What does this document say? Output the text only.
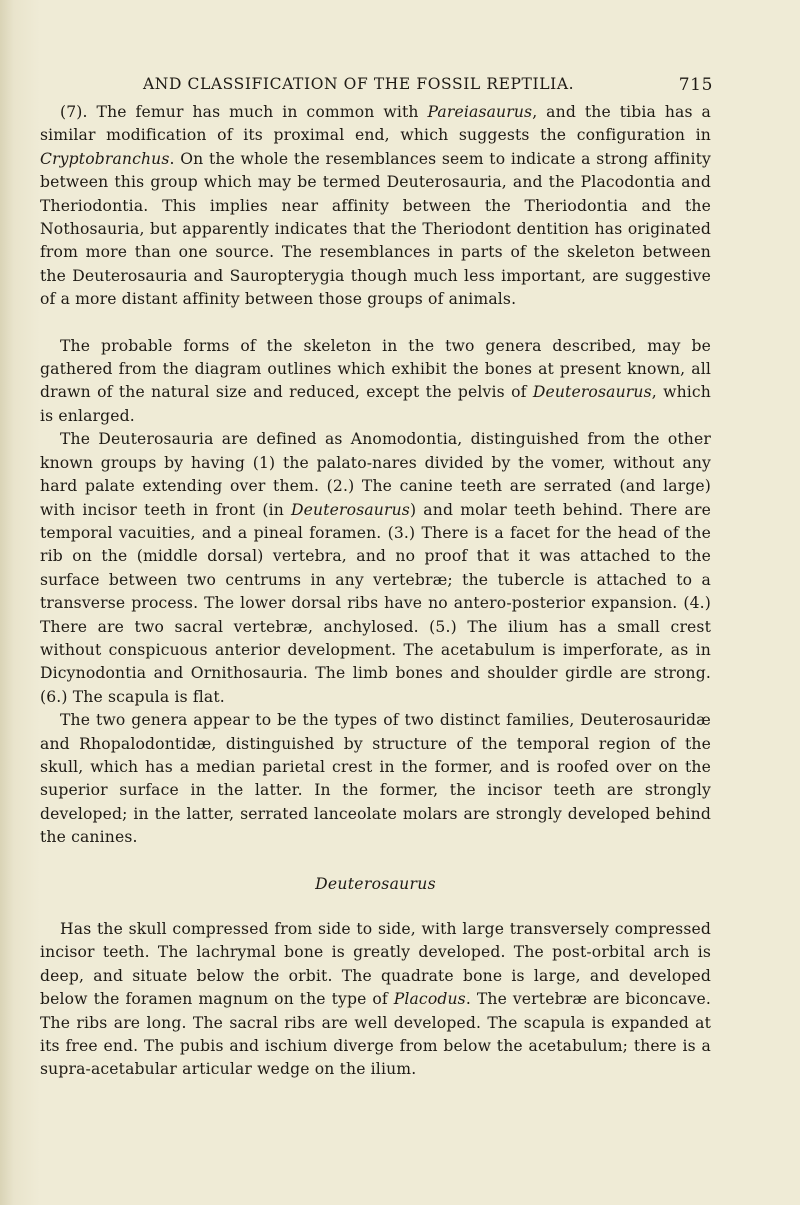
AND CLASSIFICATION OF THE FOSSIL REPTILIA.	715

(7). The femur has much in common with Pareiasaurus, and the tibia has a similar modification of its proximal end, which suggests the configuration in Cryptobranchus. On the whole the resemblances seem to indicate a strong affinity between this group which may be termed Deuterosauria, and the Placodontia and Theriodontia. This implies near affinity between the Theriodontia and the Nothosauria, but apparently indicates that the Theriodont dentition has originated from more than one source. The resemblances in parts of the skeleton between the Deuterosauria and Sauropterygia though much less important, are suggestive of a more distant affinity between those groups of animals.

The probable forms of the skeleton in the two genera described, may be gathered from the diagram outlines which exhibit the bones at present known, all drawn of the natural size and reduced, except the pelvis of Deuterosaurus, which is enlarged.

The Deuterosauria are defined as Anomodontia, distinguished from the other known groups by having (1) the palato-nares divided by the vomer, without any hard palate extending over them. (2.) The canine teeth are serrated (and large) with incisor teeth in front (in Deuterosaurus) and molar teeth behind. There are temporal vacuities, and a pineal foramen. (3.) There is a facet for the head of the rib on the (middle dorsal) vertebra, and no proof that it was attached to the surface between two centrums in any vertebræ; the tubercle is attached to a transverse process. The lower dorsal ribs have no antero-posterior expansion. (4.) There are two sacral vertebræ, anchylosed. (5.) The ilium has a small crest without conspicuous anterior development. The acetabulum is imperforate, as in Dicynodontia and Ornithosauria. The limb bones and shoulder girdle are strong. (6.) The scapula is flat.

The two genera appear to be the types of two distinct families, Deuterosauridæ and Rhopalodontidæ, distinguished by structure of the temporal region of the skull, which has a median parietal crest in the former, and is roofed over on the superior surface in the latter. In the former, the incisor teeth are strongly developed; in the latter, serrated lanceolate molars are strongly developed behind the canines.

Deuterosaurus

Has the skull compressed from side to side, with large transversely compressed incisor teeth. The lachrymal bone is greatly developed. The post-orbital arch is deep, and situate below the orbit. The quadrate bone is large, and developed below the foramen magnum on the type of Placodus. The vertebræ are biconcave. The ribs are long. The sacral ribs are well developed. The scapula is expanded at its free end. The pubis and ischium diverge from below the acetabulum; there is a supra-acetabular articular wedge on the ilium.
